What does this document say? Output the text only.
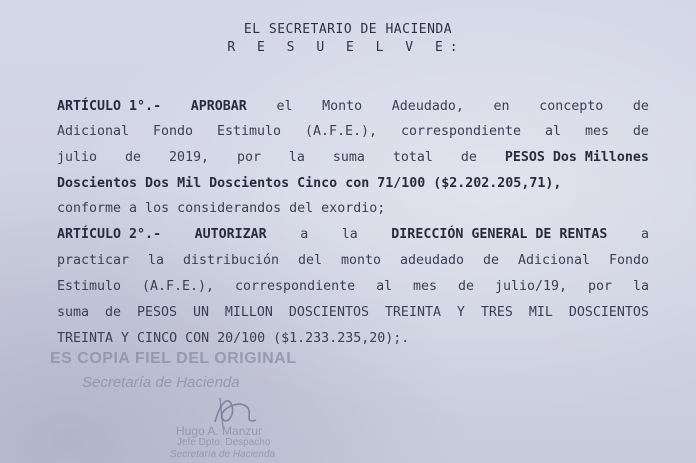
EL SECRETARIO DE HACIENDA
R E S U E L V E:
ARTÍCULO 1°.- APROBAR el Monto Adeudado, en concepto de
Adicional Fondo Estimulo (A.F.E.), correspondiente al mes de
julio de 2019, por la suma total de PESOS Dos Millones
Doscientos Dos Mil Doscientos Cinco con 71/100 ($2.202.205,71),
conforme a los considerandos del exordio;
ARTÍCULO 2°.-	AUTORIZAR	a	la	DIRECCIÓN GENERAL DE RENTAS	a
practicar la distribución del monto adeudado de Adicional Fondo
Estimulo (A.F.E.), correspondiente al mes de julio/19, por la
suma de PESOS UN MILLON DOSCIENTOS TREINTA Y TRES MIL DOSCIENTOS
TREINTA Y CINCO CON 20/100 ($1.233.235,20);.
ES COPIA FIEL DEL ORIGINAL
Secretaría de Hacienda
Hugo A. Manzur
Jefe Dpto. Despacho
Secretaría de Hacienda
